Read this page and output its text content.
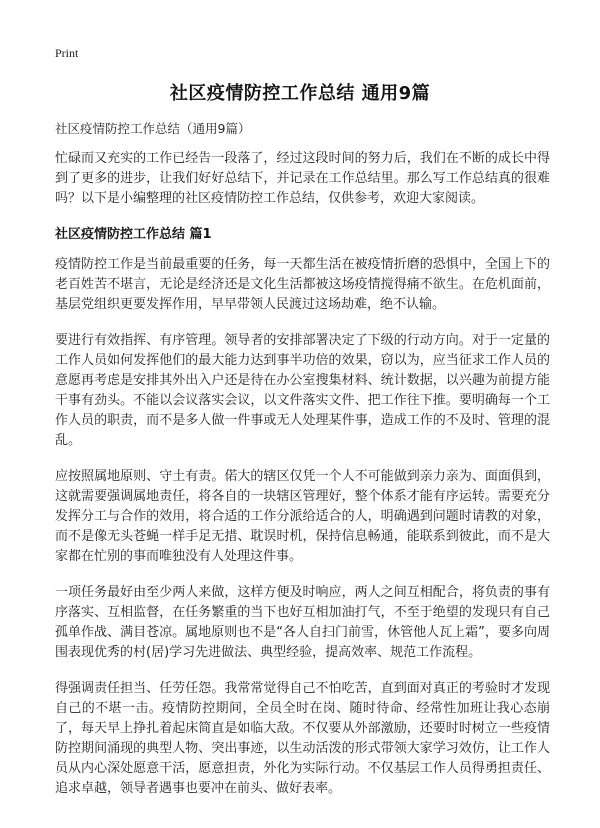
Print
社区疫情防控工作总结 通用9篇

社区疫情防控工作总结（通用9篇）

忙碌而又充实的工作已经告一段落了，经过这段时间的努力后，我们在不断的成长中得到了更多的进步，让我们好好总结下，并记录在工作总结里。那么写工作总结真的很难吗？以下是小编整理的社区疫情防控工作总结，仅供参考，欢迎大家阅读。

社区疫情防控工作总结 篇1

疫情防控工作是当前最重要的任务，每一天都生活在被疫情折磨的恐惧中，全国上下的老百姓苦不堪言，无论是经济还是文化生活都被这场疫情搅得痛不欲生。在危机面前，基层党组织更要发挥作用，早早带领人民渡过这场劫难，绝不认输。

要进行有效指挥、有序管理。领导者的安排部署决定了下级的行动方向。对于一定量的工作人员如何发挥他们的最大能力达到事半功倍的效果，窃以为，应当征求工作人员的意愿再考虑是安排其外出入户还是待在办公室搜集材料、统计数据，以兴趣为前提方能干事有劲头。不能以会议落实会议，以文件落实文件、把工作往下推。要明确每一个工作人员的职责，而不是多人做一件事或无人处理某件事，造成工作的不及时、管理的混乱。

应按照属地原则、守土有责。偌大的辖区仅凭一个人不可能做到亲力亲为、面面俱到，这就需要强调属地责任，将各自的一块辖区管理好，整个体系才能有序运转。需要充分发挥分工与合作的效用，将合适的工作分派给适合的人，明确遇到问题时请教的对象，而不是像无头苍蝇一样手足无措、耽误时机，保持信息畅通，能联系到彼此，而不是大家都在忙别的事而唯独没有人处理这件事。

一项任务最好由至少两人来做，这样方便及时响应，两人之间互相配合，将负责的事有序落实、互相监督，在任务繁重的当下也好互相加油打气，不至于绝望的发现只有自己孤单作战、满目苍凉。属地原则也不是“各人自扫门前雪，休管他人瓦上霜”，要多向周围表现优秀的村(居)学习先进做法、典型经验，提高效率、规范工作流程。

得强调责任担当、任劳任怨。我常常觉得自己不怕吃苦，直到面对真正的考验时才发现自己的不堪一击。疫情防控期间，全员全时在岗、随时待命、经常性加班让我心态崩了，每天早上挣扎着起床简直是如临大敌。不仅要从外部激励，还要时时树立一些疫情防控期间涌现的典型人物、突出事迹，以生动活泼的形式带领大家学习效仿，让工作人员从内心深处愿意干活，愿意担责，外化为实际行动。不仅基层工作人员得勇担责任、追求卓越，领导者遇事也要冲在前头、做好表率。
